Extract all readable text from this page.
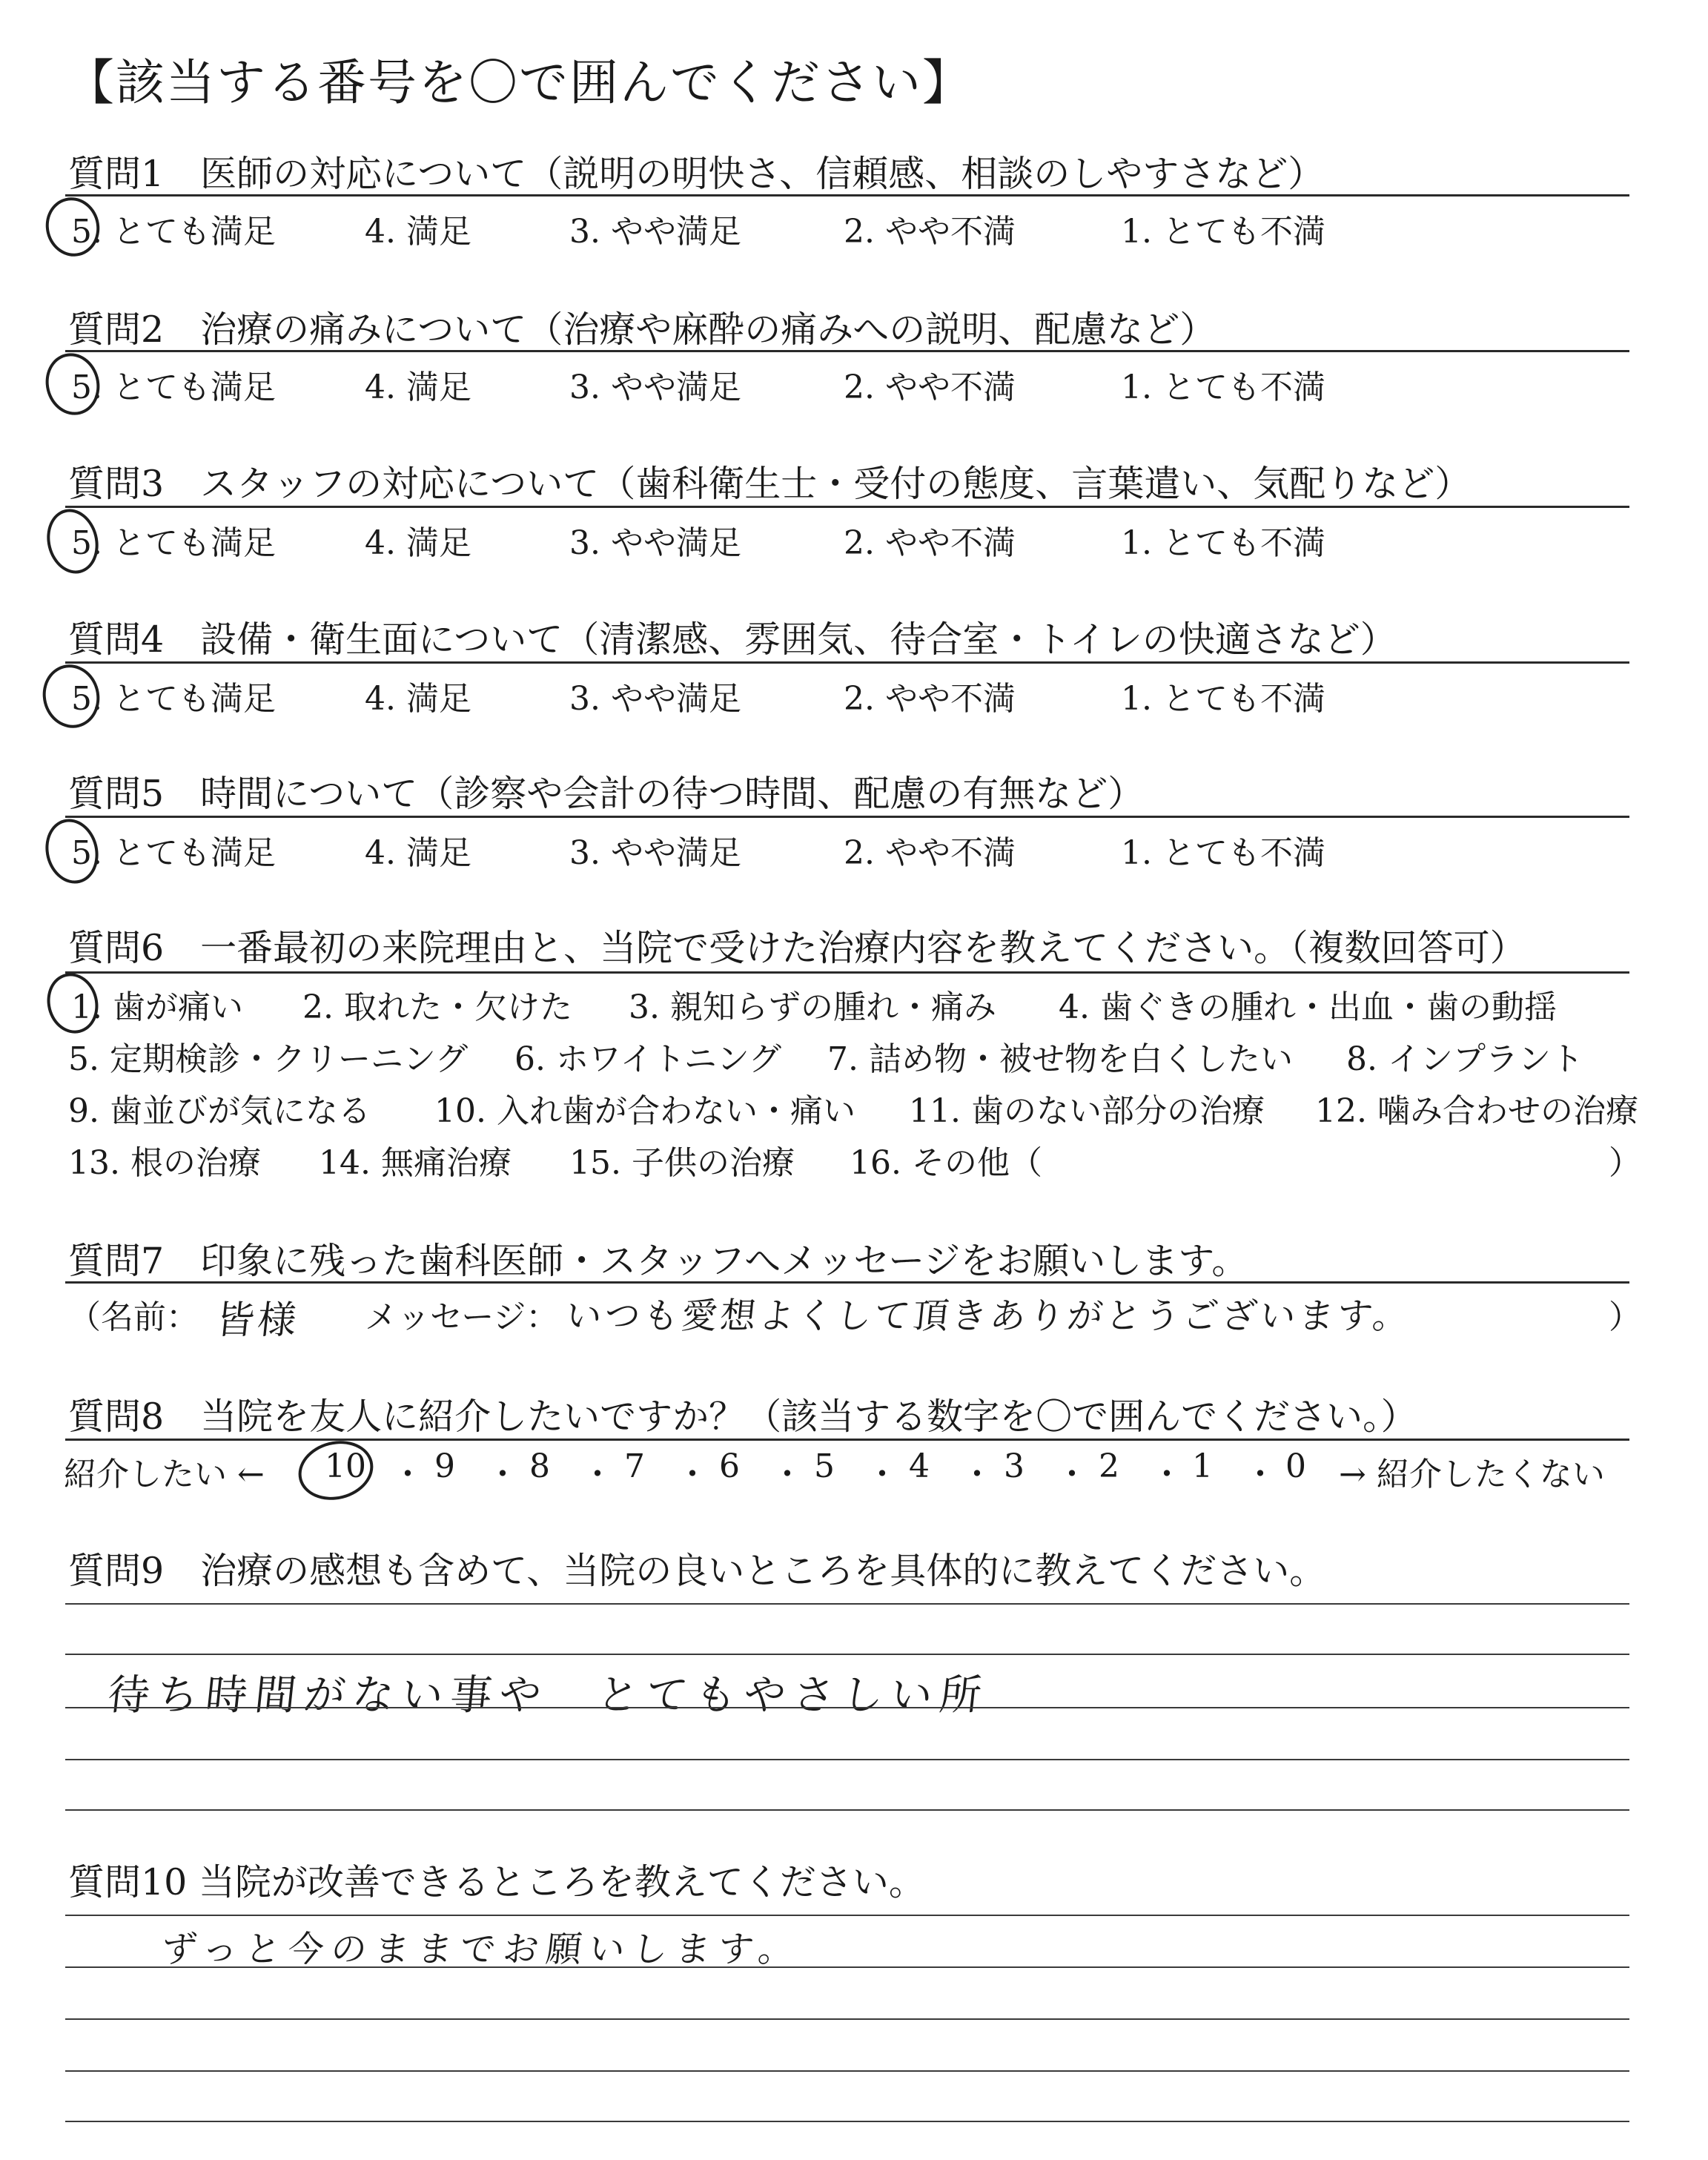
【該当する番号を〇で囲んでください】
質問1　医師の対応について（説明の明快さ、信頼感、相談のしやすさなど）
5. とても満足	4. 満足	3. やや満足	2. やや不満	1. とても不満
質問2　治療の痛みについて（治療や麻酔の痛みへの説明、配慮など）
5. とても満足	4. 満足	3. やや満足	2. やや不満	1. とても不満
質問3　スタッフの対応について（歯科衛生士・受付の態度、言葉遣い、気配りなど）
5. とても満足	4. 満足	3. やや満足	2. やや不満	1. とても不満
質問4　設備・衛生面について（清潔感、雰囲気、待合室・トイレの快適さなど）
5. とても満足	4. 満足	3. やや満足	2. やや不満	1. とても不満
質問5　時間について（診察や会計の待つ時間、配慮の有無など）
5. とても満足	4. 満足	3. やや満足	2. やや不満	1. とても不満
質問6　一番最初の来院理由と、当院で受けた治療内容を教えてください。（複数回答可）
1. 歯が痛い 2. 取れた・欠けた 3. 親知らずの腫れ・痛み 4. 歯ぐきの腫れ・出血・歯の動揺
5. 定期検診・クリーニング 6. ホワイトニング 7. 詰め物・被せ物を白くしたい 8. インプラント
9. 歯並びが気になる 10. 入れ歯が合わない・痛い 11. 歯のない部分の治療 12. 噛み合わせの治療
13. 根の治療 14. 無痛治療 15. 子供の治療 16. その他（	）
質問7　印象に残った歯科医師・スタッフへメッセージをお願いします。
（名前： 皆様 メッセージ： いつも愛想よくして頂きありがとうございます。	）
質問8　当院を友人に紹介したいですか？（該当する数字を〇で囲んでください。）
紹介したい ← 10 ・ 9 ・ 8 ・ 7 ・ 6 ・ 5 ・ 4 ・ 3 ・ 2 ・ 1 ・ 0 → 紹介したくない
質問9　治療の感想も含めて、当院の良いところを具体的に教えてください。
待ち時間がない事や　とてもやさしい所
質問10 当院が改善できるところを教えてください。
ずっと今のままでお願いします。
